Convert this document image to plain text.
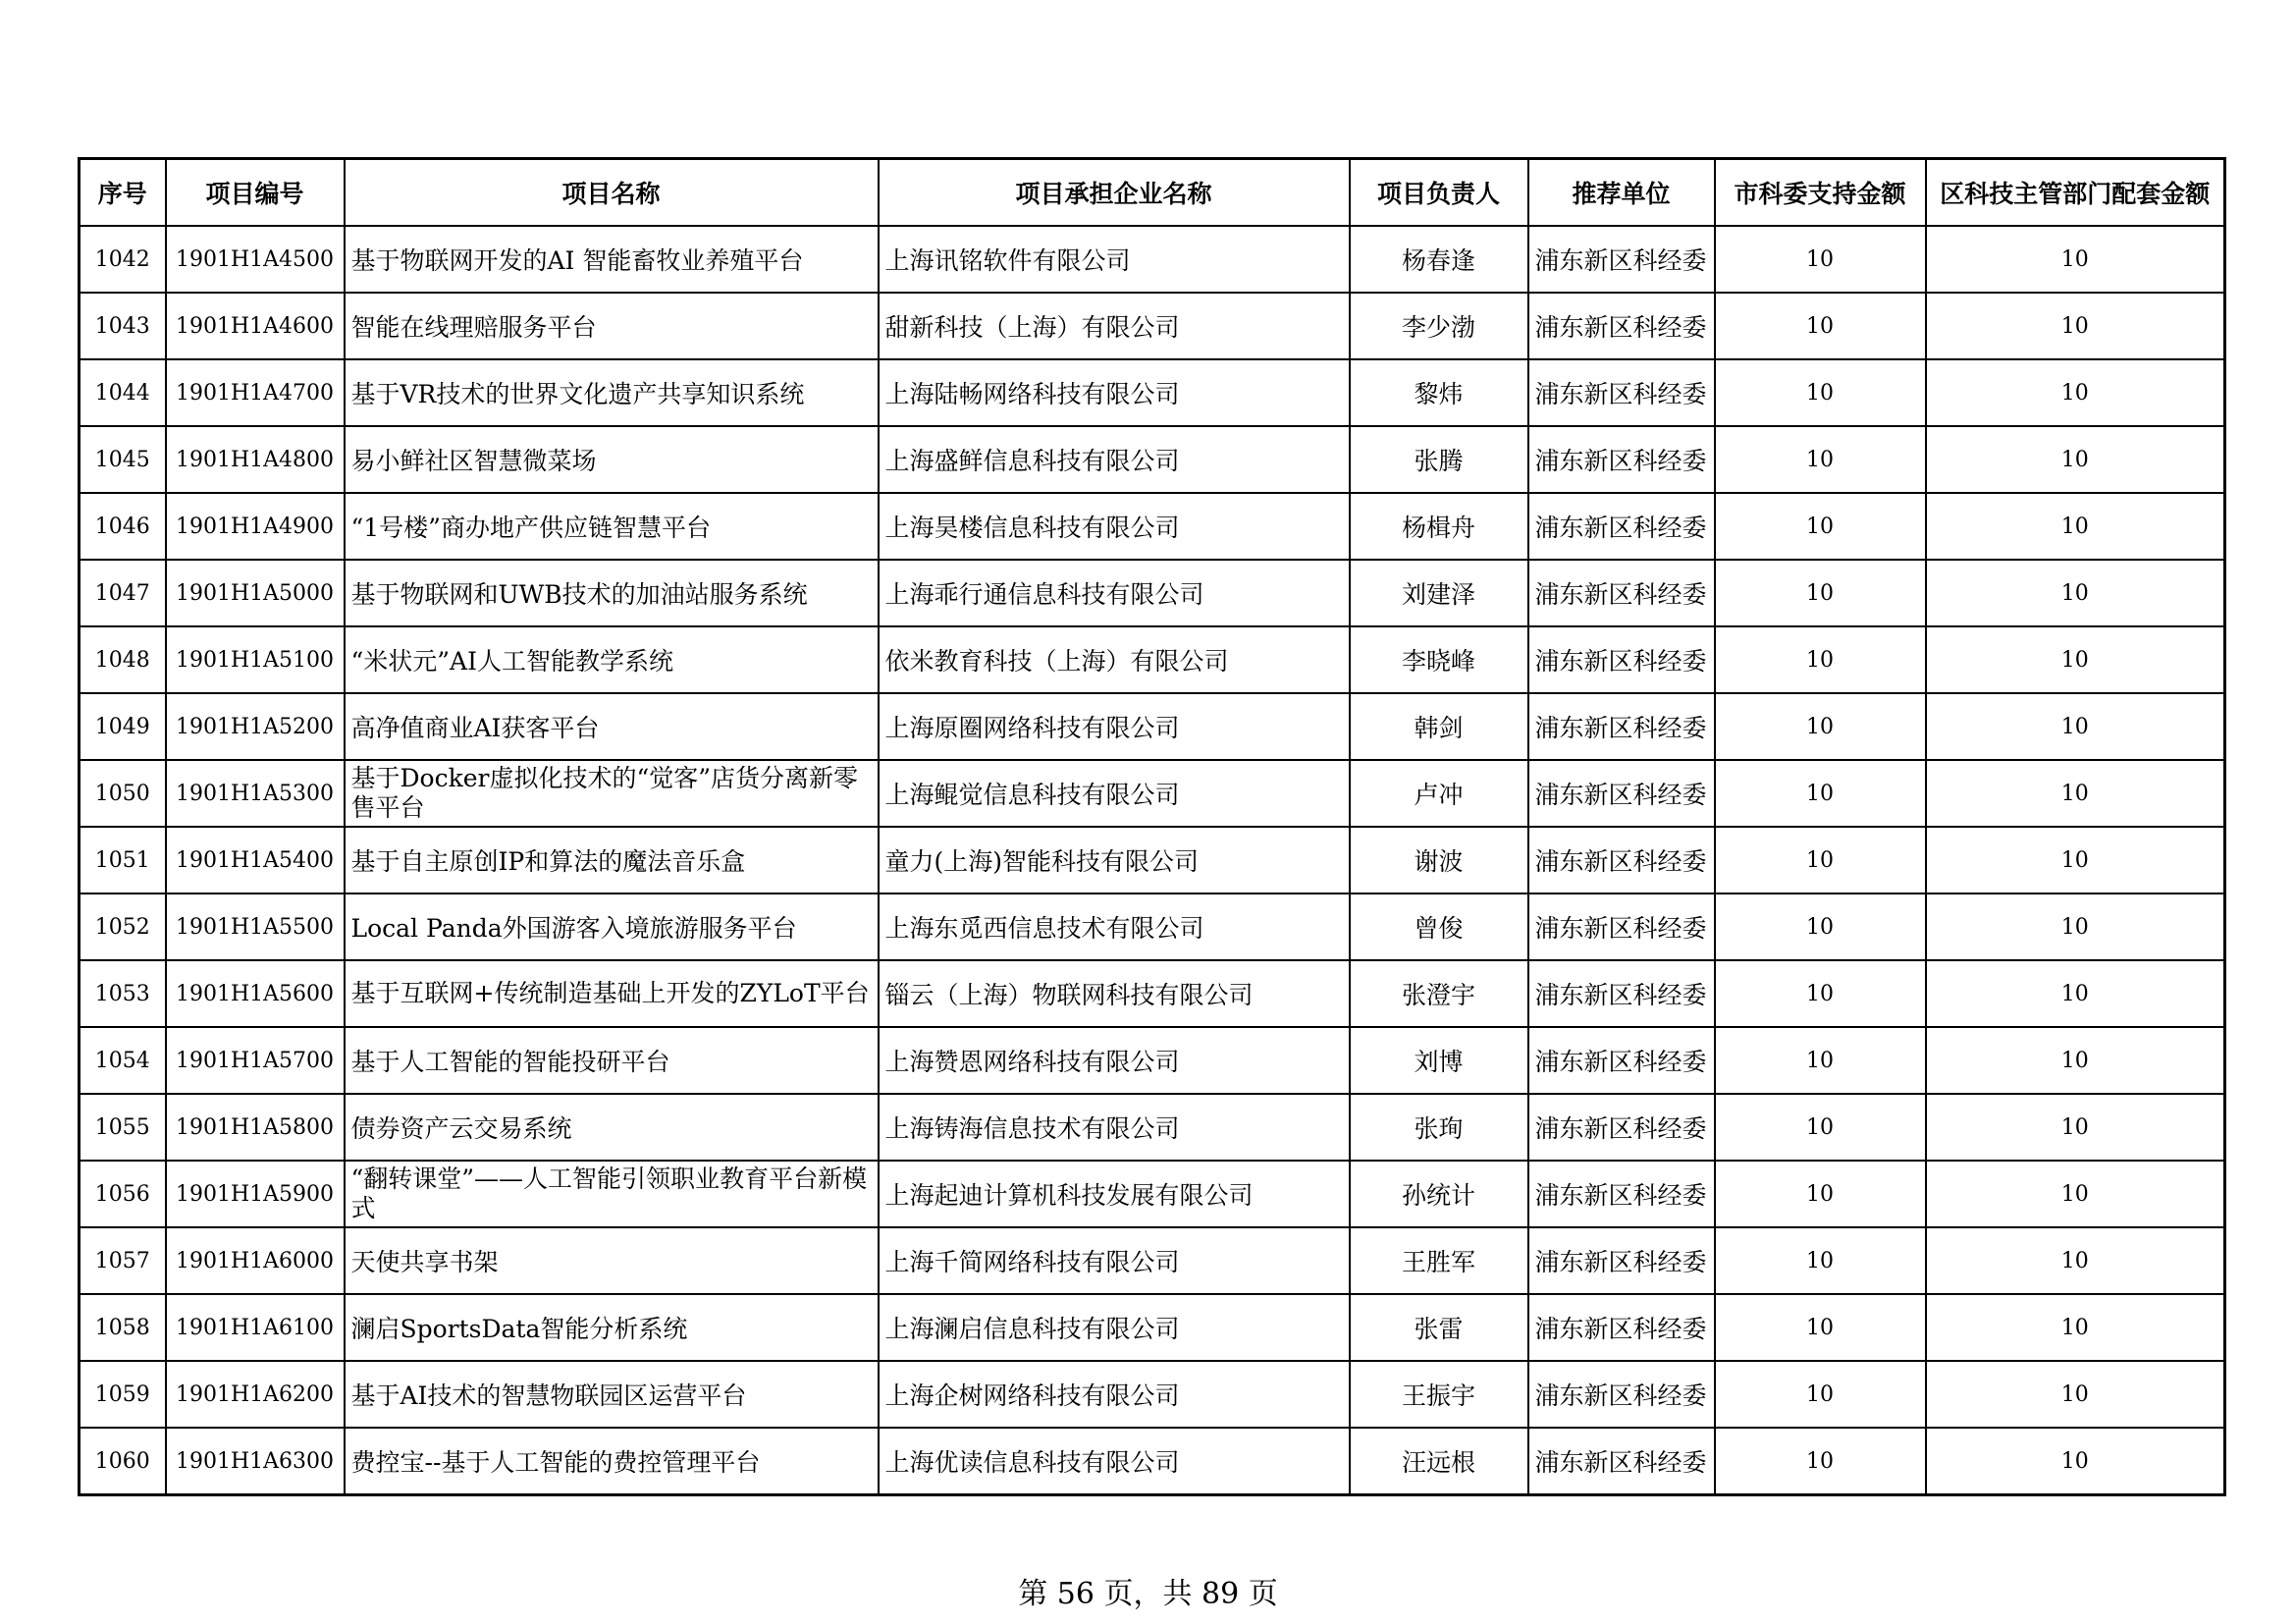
序号	项目编号	项目名称	项目承担企业名称	项目负责人	推荐单位	市科委支持金额	区科技主管部门配套金额
1042	1901H1A4500	基于物联网开发的AI 智能畜牧业养殖平台	上海讯铭软件有限公司	杨春逢	浦东新区科经委	10	10
1043	1901H1A4600	智能在线理赔服务平台	甜新科技（上海）有限公司	李少渤	浦东新区科经委	10	10
1044	1901H1A4700	基于VR技术的世界文化遗产共享知识系统	上海陆畅网络科技有限公司	黎炜	浦东新区科经委	10	10
1045	1901H1A4800	易小鲜社区智慧微菜场	上海盛鲜信息科技有限公司	张腾	浦东新区科经委	10	10
1046	1901H1A4900	“1号楼”商办地产供应链智慧平台	上海昊楼信息科技有限公司	杨楫舟	浦东新区科经委	10	10
1047	1901H1A5000	基于物联网和UWB技术的加油站服务系统	上海乖行通信息科技有限公司	刘建泽	浦东新区科经委	10	10
1048	1901H1A5100	“米状元”AI人工智能教学系统	依米教育科技（上海）有限公司	李晓峰	浦东新区科经委	10	10
1049	1901H1A5200	高净值商业AI获客平台	上海原圈网络科技有限公司	韩剑	浦东新区科经委	10	10
1050	1901H1A5300	基于Docker虚拟化技术的“觉客”店货分离新零售平台	上海鲲觉信息科技有限公司	卢冲	浦东新区科经委	10	10
1051	1901H1A5400	基于自主原创IP和算法的魔法音乐盒	童力(上海)智能科技有限公司	谢波	浦东新区科经委	10	10
1052	1901H1A5500	Local Panda外国游客入境旅游服务平台	上海东觅西信息技术有限公司	曾俊	浦东新区科经委	10	10
1053	1901H1A5600	基于互联网+传统制造基础上开发的ZYLoT平台	锱云（上海）物联网科技有限公司	张澄宇	浦东新区科经委	10	10
1054	1901H1A5700	基于人工智能的智能投研平台	上海赞恩网络科技有限公司	刘博	浦东新区科经委	10	10
1055	1901H1A5800	债券资产云交易系统	上海铸海信息技术有限公司	张珣	浦东新区科经委	10	10
1056	1901H1A5900	“翻转课堂”——人工智能引领职业教育平台新模式	上海起迪计算机科技发展有限公司	孙统计	浦东新区科经委	10	10
1057	1901H1A6000	天使共享书架	上海千简网络科技有限公司	王胜军	浦东新区科经委	10	10
1058	1901H1A6100	澜启SportsData智能分析系统	上海澜启信息科技有限公司	张雷	浦东新区科经委	10	10
1059	1901H1A6200	基于AI技术的智慧物联园区运营平台	上海企树网络科技有限公司	王振宇	浦东新区科经委	10	10
1060	1901H1A6300	费控宝--基于人工智能的费控管理平台	上海优读信息科技有限公司	汪远根	浦东新区科经委	10	10
第 56 页，共 89 页
